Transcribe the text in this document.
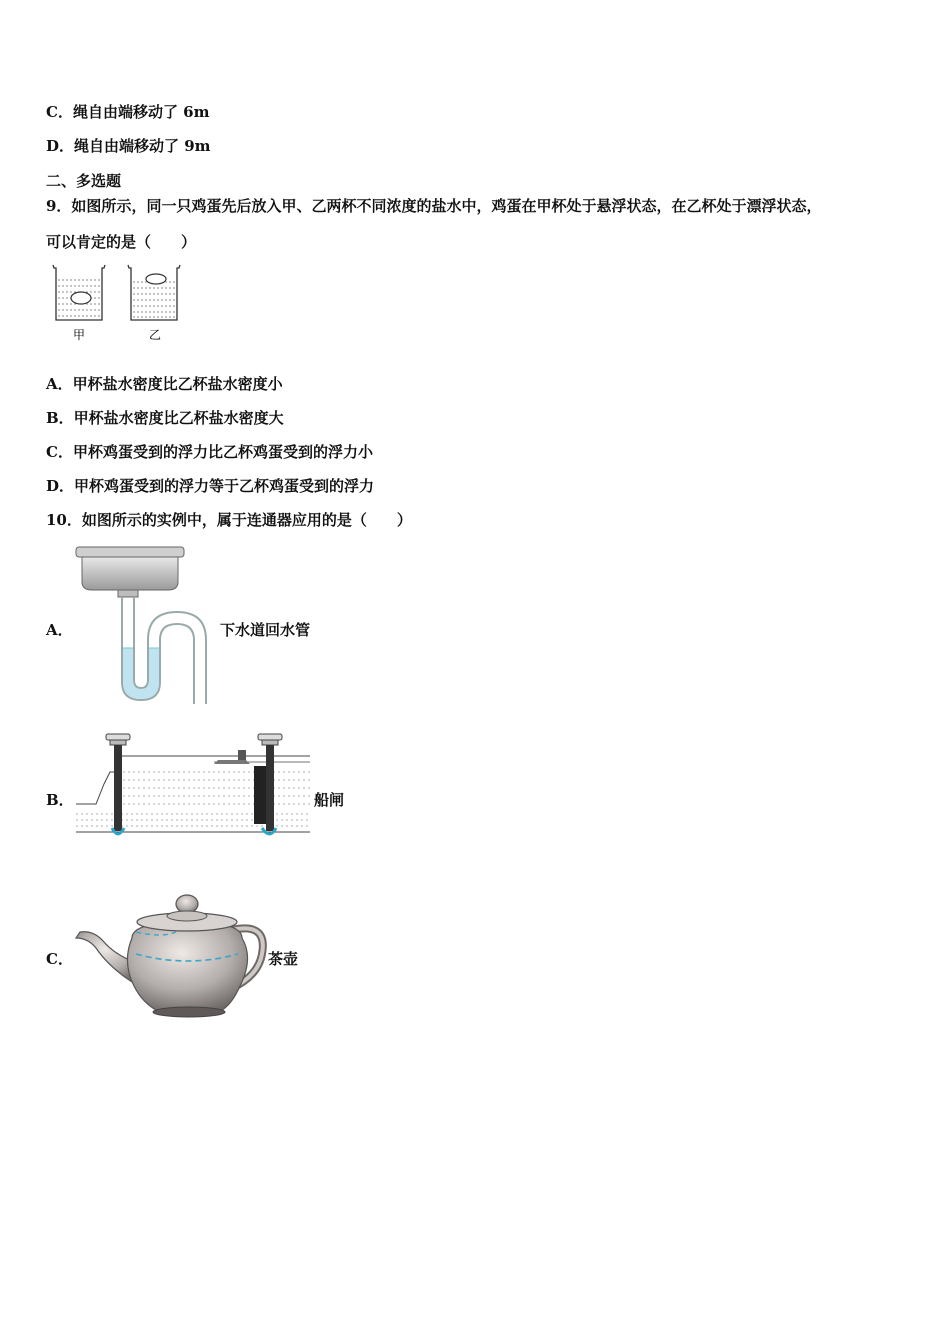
C．绳自由端移动了 6m
D．绳自由端移动了 9m
二、多选题
9．如图所示，同一只鸡蛋先后放入甲、乙两杯不同浓度的盐水中，鸡蛋在甲杯处于悬浮状态，在乙杯处于漂浮状态，
可以肯定的是（　　）
甲	乙
A．甲杯盐水密度比乙杯盐水密度小
B．甲杯盐水密度比乙杯盐水密度大
C．甲杯鸡蛋受到的浮力比乙杯鸡蛋受到的浮力小
D．甲杯鸡蛋受到的浮力等于乙杯鸡蛋受到的浮力
10．如图所示的实例中，属于连通器应用的是（　　）
A．	下水道回水管
B．	船闸
C．	茶壶
